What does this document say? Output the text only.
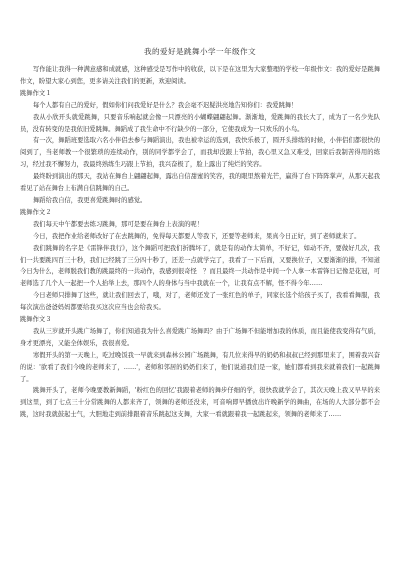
我的爱好是跳舞小学一年级作文

写作能让我得一种满意感和成就感，这种感受是写作中的收获，以下是在这里为大家整理的学校一年级作文：我的爱好是跳舞作文，盼望大家心到您，更多请关注我们的更新，欢迎阅读。

跳舞作文１

每个人都有自己的爱好，假如你们问我爱好是什么？我会毫不迟疑洪亮地告知你们：我爱跳舞！

我从小欣开头就爱跳舞，只要音乐响起就会像一只漂亮的小蝴蝶翩翩起舞。渐渐地，爱跳舞的我长大了，成为了一名少先队员，没有转变的是我依旧爱跳舞。舞蹈成了我生命中不行缺少的一部分，它使我成为一只欢乐的小鸟。

有一次，舞蹈班要选取六名小伴侣去参与舞蹈演出，我也被幸运的选到，我快乐极了，圆开头排练的时候，小伴侣们都很快的阅到了，当老师教一个很繁琐的连续动作，别的同学都学会了，而我却没跟上节拍，我心里又急又难受，回家后我制苦得用的练习，经过我不懈努力，我最终熟练生巧跟上节拍，我兴奋极了，脸上露出了纯烂的笑容。

最终盼到演出的那天，我站在舞台上翩翩起舞，露出自信甜蜜的笑容，我的眼里熬着光芒，赢得了台下阵阵掌声，从那天起我看见了站在舞台上布满自信跳舞的自己。

舞蹈给我自信，我更喜爱跳舞时的感觉。

跳舞作文２

我们每天中午都要去练习跳舞，那可是要在舞台上表演的呢！

今日，我把作业给老师改好了在去跳舞的，免得每天都要人等我下，还要等老师来，果真今日正好，到了老师就来了。

我们跳舞的名字是《雷锋伴我行》，这个舞蹈可把我们折腾坏了，就是有的动作太简单，不好记，如动不齐，要做好几次，我们一共要跳四百三十秒，我们已经跳了三分四十秒了，还差一点就学完了，我看了一下后面，又要换位子，又要渐渐的排，不知道今日为什么，老师脱我们教的跳最终的一共动作，我感到很奇怪　？而且最终一共动作是中间一个人拿一本雷锋日记像是花冠，可老师选了几个人一起把一个人抬举上去，那四个人的身体与当中我就在一个，让我有点不解，怪不得今年……

今日老师只排舞了这些，就让我们回去了，哦，对了，老师还发了一张红色的单子，同家长选个给孩子买了，我看看舞服，我每次演出爸爸妈妈都要给我买这次应当也会给我买。

跳舞作文３

我从三岁就开头跳广场舞了，你们知道我为什么喜爱跳广场舞吗？由于广场舞不但能增加我的体质，而且能使我变得有气质，身才更漂亮，又能全体娱乐，我很喜爱。

寒假开头的第一天晚上，吃过晚饭我一早就来到森林公园广场跳舞，有几位来得早的奶奶和叔叔已经到那里来了，围着我兴奋的说：'欲看了我们今晚的老师来了，……'，老师和邻居的奶奶们来了，他们说道我们是一家，她们都看到我来就着我们一起跳舞了。

跳舞开头了，老师今晚要教新舞蹈，'粉红色的回忆'我跟着老师的舞步仔细的学，很快我就学会了，其次天晚上我又早早的来到这里，到了七点三十分常跳舞的人都来齐了，领舞的老师还没来，可音响即早播放出许晚新学的舞曲，在场的人大部分都不会跳，这时我就鼓起士气，大胆地走到前排跟着音乐跳起这支舞，大家一看就跟着我一起跳起来，领舞的老师来了……
